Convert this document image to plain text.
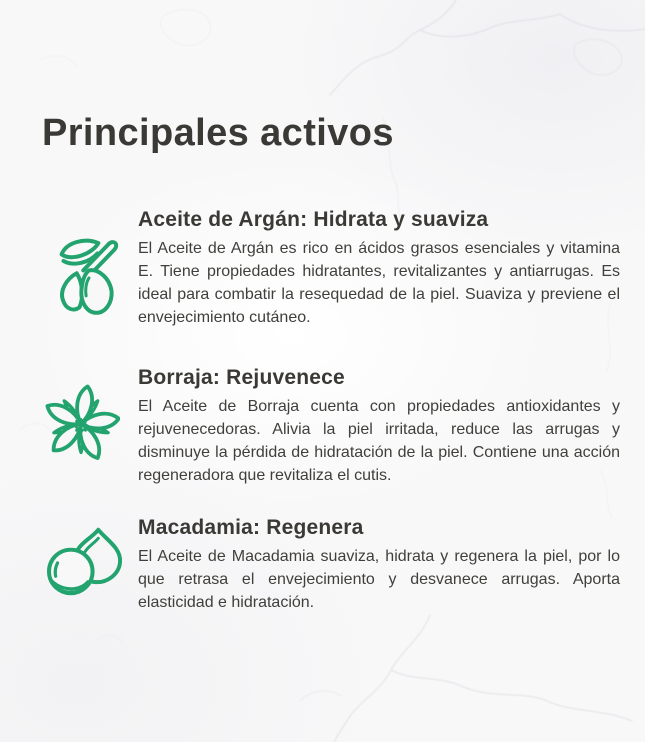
Principales activos
Aceite de Argán: Hidrata y suaviza

El Aceite de Argán es rico en ácidos grasos esenciales y vitamina E. Tiene propiedades hidratantes, revitalizantes y antiarrugas. Es ideal para combatir la resequedad de la piel. Suaviza y previene el envejecimiento cutáneo.

Borraja: Rejuvenece

El Aceite de Borraja cuenta con propiedades antioxidantes y rejuvenecedoras. Alivia la piel irritada, reduce las arrugas y disminuye la pérdida de hidratación de la piel. Contiene una acción regeneradora que revitaliza el cutis.

Macadamia: Regenera

El Aceite de Macadamia suaviza, hidrata y regenera la piel, por lo que retrasa el envejecimiento y desvanece arrugas. Aporta elasticidad e hidratación.
